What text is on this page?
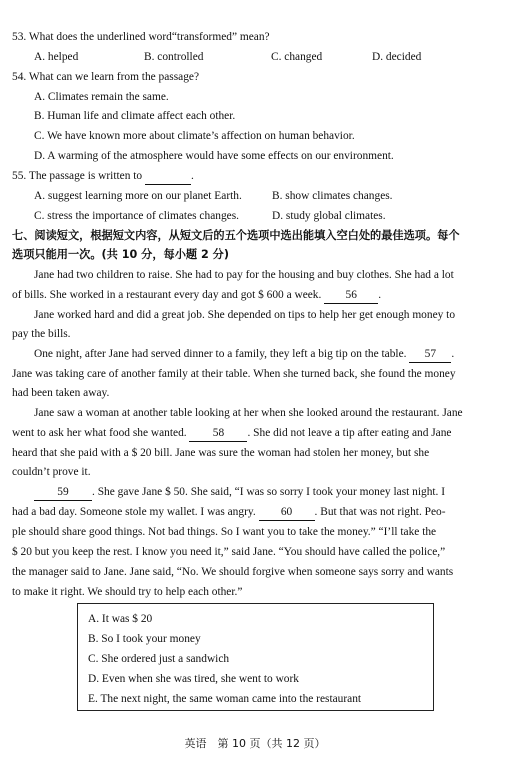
53. What does the underlined word“transformed” mean?
A. helped	B. controlled	C. changed	D. decided
54. What can we learn from the passage?
A. Climates remain the same.
B. Human life and climate affect each other.
C. We have known more about climate’s affection on human behavior.
D. A warming of the atmosphere would have some effects on our environment.
55. The passage is written to	.
A. suggest learning more on our planet Earth.	B. show climates changes.
C. stress the importance of climates changes.	D. study global climates.
七、阅读短文，根据短文内容，从短文后的五个选项中选出能填入空白处的最佳选项。每个
选项只能用一次。(共 10 分，每小题 2 分)
Jane had two children to raise. She had to pay for the housing and buy clothes. She had a lot
of bills. She worked in a restaurant every day and got $ 600 a week. 56 .
Jane worked hard and did a great job. She depended on tips to help her get enough money to
pay the bills.
One night, after Jane had served dinner to a family, they left a big tip on the table. 57 .
Jane was taking care of another family at their table. When she turned back, she found the money
had been taken away.
Jane saw a woman at another table looking at her when she looked around the restaurant. Jane
went to ask her what food she wanted. 58 . She did not leave a tip after eating and Jane
heard that she paid with a $ 20 bill. Jane was sure the woman had stolen her money, but she
couldn’t prove it.
59 . She gave Jane $ 50. She said, “I was so sorry I took your money last night. I
had a bad day. Someone stole my wallet. I was angry. 60 . But that was not right. Peo-
ple should share good things. Not bad things. So I want you to take the money.” “I’ll take the
$ 20 but you keep the rest. I know you need it,” said Jane. “You should have called the police,”
the manager said to Jane. Jane said, “No. We should forgive when someone says sorry and wants
to make it right. We should try to help each other.”
A. It was $ 20
B. So I took your money
C. She ordered just a sandwich
D. Even when she was tired, she went to work
E. The next night, the same woman came into the restaurant
英语　第 10 页（共 12 页）
